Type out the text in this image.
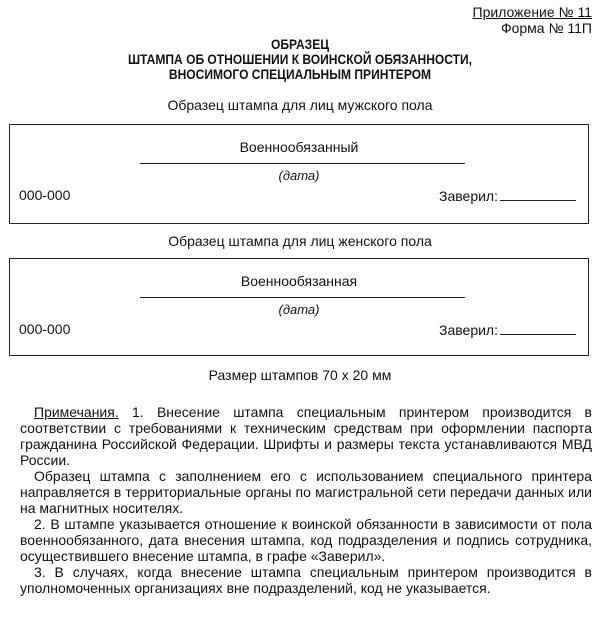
Приложение № 11
Форма № 11П
ОБРАЗЕЦ
ШТАМПА ОБ ОТНОШЕНИИ К ВОИНСКОЙ ОБЯЗАННОСТИ,
ВНОСИМОГО СПЕЦИАЛЬНЫМ ПРИНТЕРОМ
Образец штампа для лиц мужского пола
Военнообязанный
(дата)
000-000	Заверил:
Образец штампа для лиц женского пола
Военнообязанная
(дата)
000-000	Заверил:
Размер штампов 70 х 20 мм

Примечания. 1. Внесение штампа специальным принтером производится в соответствии с требованиями к техническим средствам при оформлении паспорта гражданина Российской Федерации. Шрифты и размеры текста устанавливаются МВД России.

Образец штампа с заполнением его с использованием специального принтера направляется в территориальные органы по магистральной сети передачи данных или на магнитных носителях.

2. В штампе указывается отношение к воинской обязанности в зависимости от пола военнообязанного, дата внесения штампа, код подразделения и подпись сотрудника, осуществившего внесение штампа, в графе «Заверил».

3. В случаях, когда внесение штампа специальным принтером производится в уполномоченных организациях вне подразделений, код не указывается.
